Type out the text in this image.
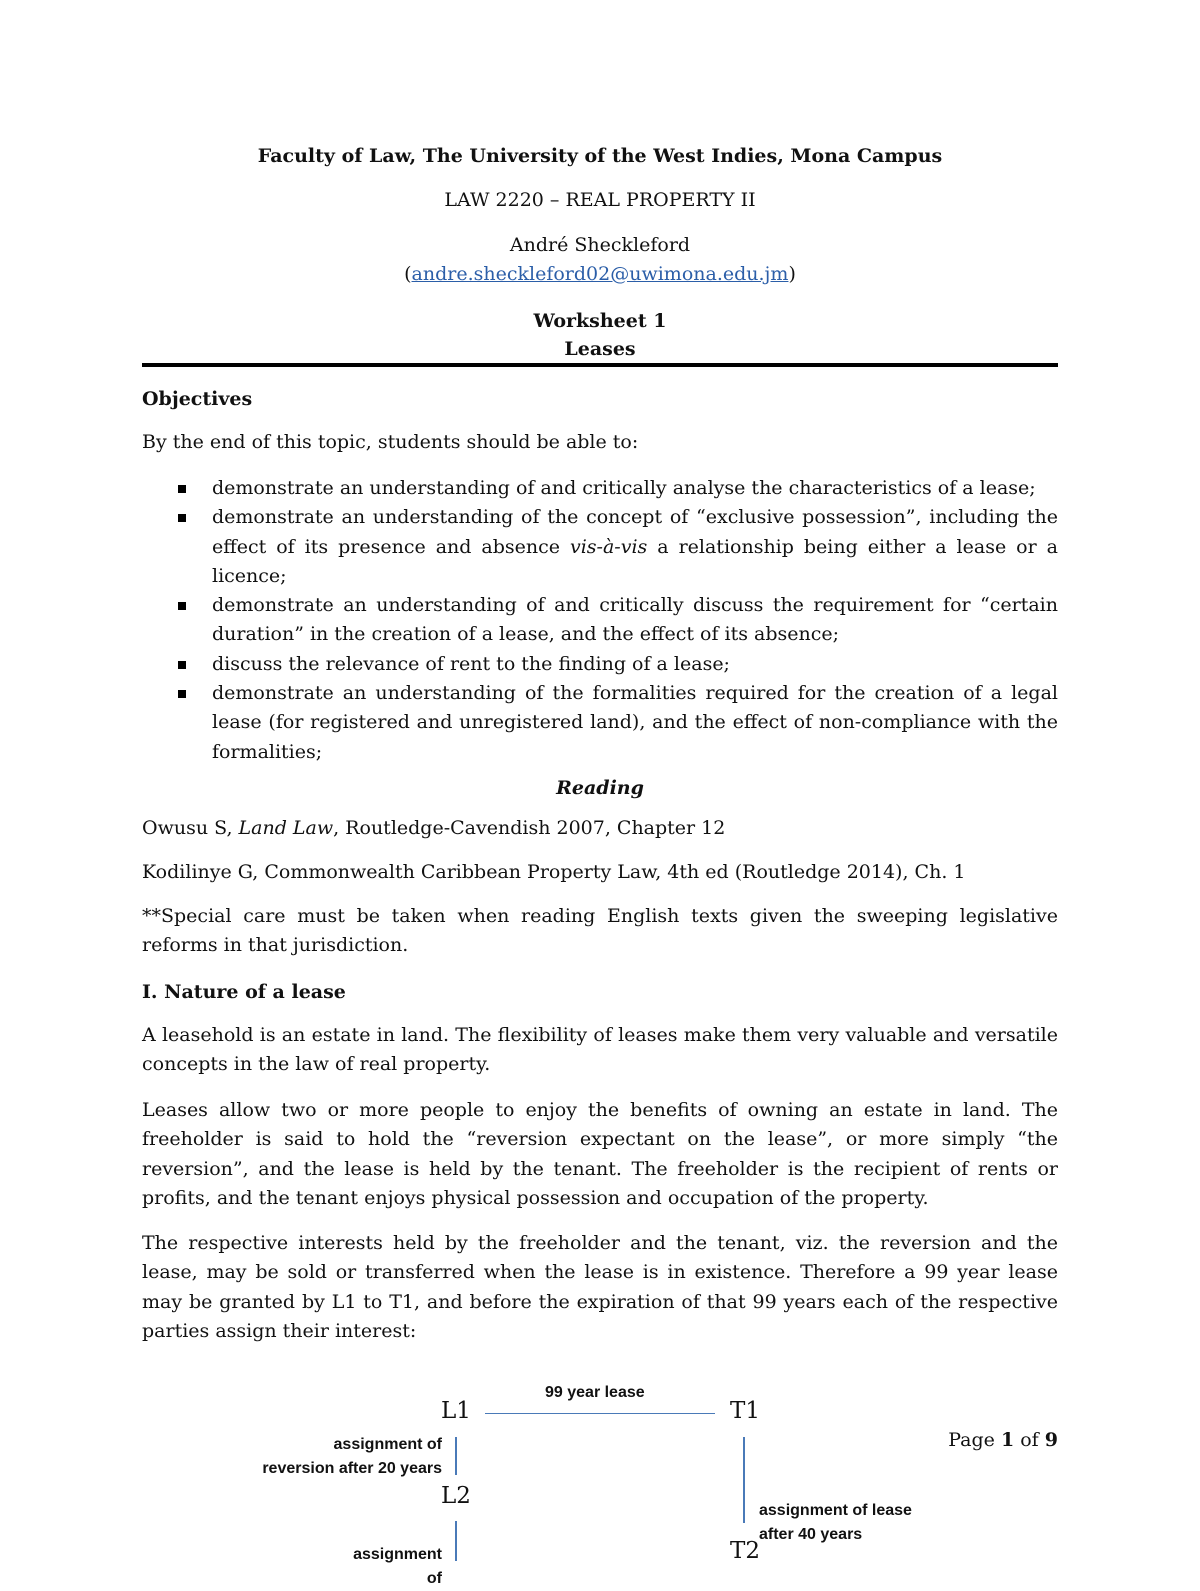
Faculty of Law, The University of the West Indies, Mona Campus
LAW 2220 – REAL PROPERTY II
André Sheckleford
(andre.sheckleford02@uwimona.edu.jm)
Worksheet 1
Leases
Objectives
By the end of this topic, students should be able to:
demonstrate an understanding of and critically analyse the characteristics of a lease;
demonstrate an understanding of the concept of “exclusive possession”, including the effect of its presence and absence vis-à-vis a relationship being either a lease or a licence;
demonstrate an understanding of and critically discuss the requirement for “certain duration” in the creation of a lease, and the effect of its absence;
discuss the relevance of rent to the finding of a lease;
demonstrate an understanding of the formalities required for the creation of a legal lease (for registered and unregistered land), and the effect of non-compliance with the formalities;
Reading
Owusu S, Land Law, Routledge-Cavendish 2007, Chapter 12
Kodilinye G, Commonwealth Caribbean Property Law, 4th ed (Routledge 2014), Ch. 1
**Special care must be taken when reading English texts given the sweeping legislative reforms in that jurisdiction.
I. Nature of a lease
A leasehold is an estate in land. The flexibility of leases make them very valuable and versatile concepts in the law of real property.
Leases allow two or more people to enjoy the benefits of owning an estate in land. The freeholder is said to hold the “reversion expectant on the lease”, or more simply “the reversion”, and the lease is held by the tenant. The freeholder is the recipient of rents or profits, and the tenant enjoys physical possession and occupation of the property.
The respective interests held by the freeholder and the tenant, viz. the reversion and the lease, may be sold or transferred when the lease is in existence. Therefore a 99 year lease may be granted by L1 to T1, and before the expiration of that 99 years each of the respective parties assign their interest:
99 year lease
L1	T1
assignment of
reversion after 20 years
L2
assignment of
assignment of lease
after 40 years
T2
Page 1 of 9
